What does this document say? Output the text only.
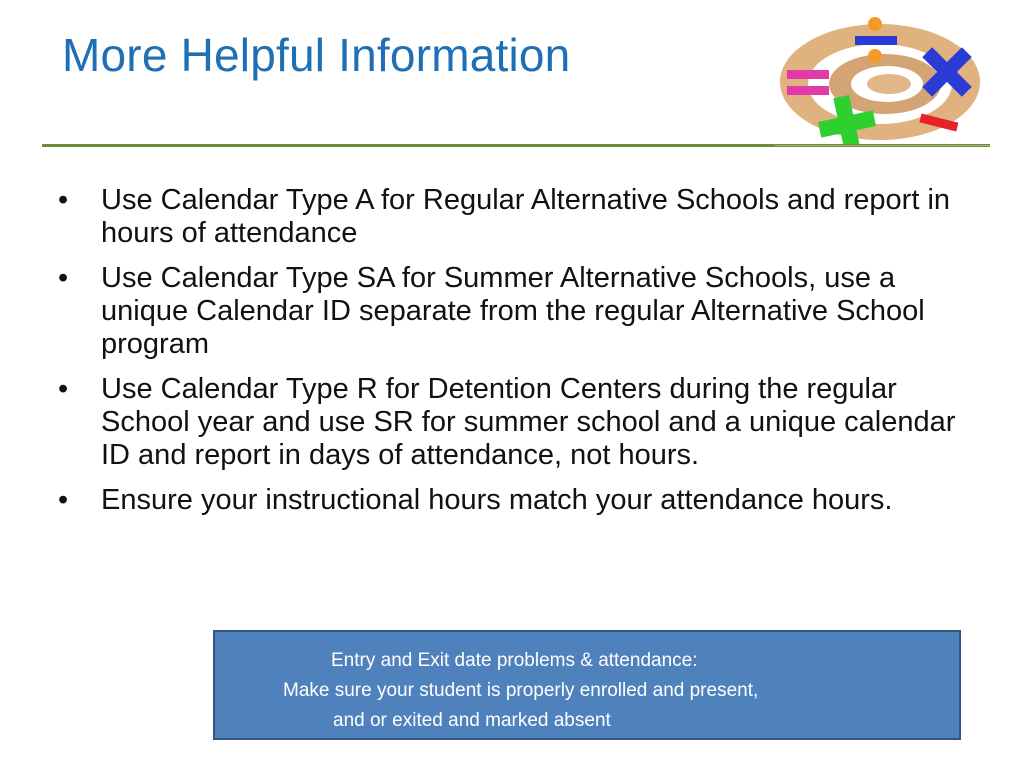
More Helpful Information
• Use Calendar Type A for Regular Alternative Schools and report in hours of attendance
• Use Calendar Type SA for Summer Alternative Schools, use a unique Calendar ID separate from the regular Alternative School program
• Use Calendar Type R for Detention Centers during the regular School year and use SR for summer school and a unique calendar ID and report in days of attendance, not hours.
• Ensure your instructional hours match your attendance hours.
Entry and Exit date problems & attendance:
Make sure your student is properly enrolled and present,
and or exited and marked absent
